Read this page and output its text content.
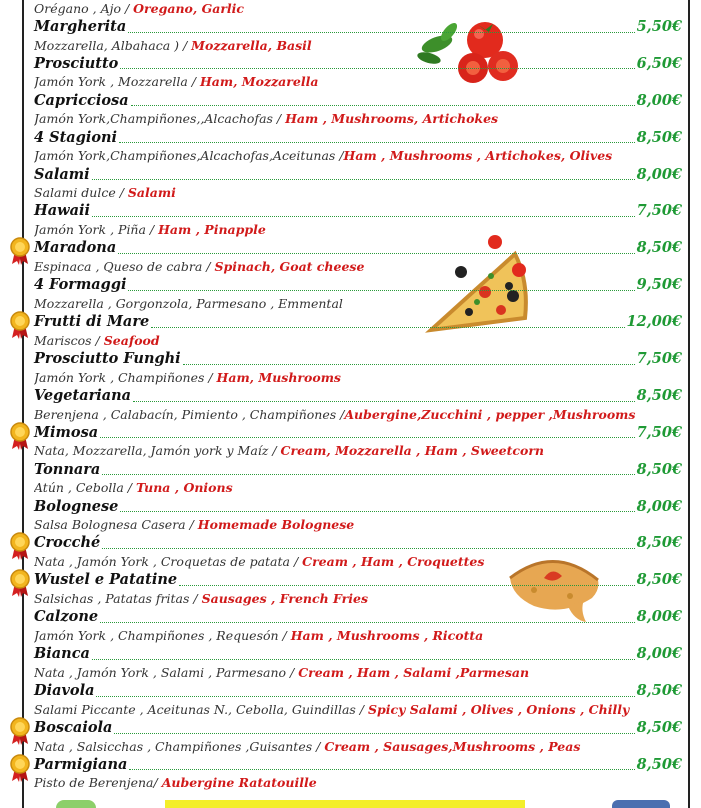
Orégano , Ajo / Oregano, Garlic
Margherita	5,50€
Mozzarella, Albahaca ) / Mozzarella, Basil
Prosciutto	6,50€
Jamón York , Mozzarella / Ham, Mozzarella
Capricciosa	8,00€
Jamón York,Champiñones,,Alcachofas / Ham , Mushrooms, Artichokes
4 Stagioni	8,50€
Jamón York,Champiñones,Alcachofas,Aceitunas /Ham , Mushrooms , Artichokes, Olives
Salami	8,00€
Salami dulce / Salami
Hawaii	7,50€
Jamón York , Piña / Ham , Pinapple
Maradona	8,50€
Espinaca , Queso de cabra / Spinach, Goat cheese
4 Formaggi	9,50€
Mozzarella , Gorgonzola, Parmesano , Emmental
Frutti di Mare	12,00€
Mariscos / Seafood
Prosciutto Funghi	7,50€
Jamón York , Champiñones / Ham, Mushrooms
Vegetariana	8,50€
Berenjena , Calabacín, Pimiento , Champiñones /Aubergine,Zucchini , pepper ,Mushrooms
Mimosa	7,50€
Nata, Mozzarella, Jamón york y Maíz / Cream, Mozzarella , Ham , Sweetcorn
Tonnara	8,50€
Atún , Cebolla / Tuna , Onions
Bolognese	8,00€
Salsa Bolognesa Casera / Homemade Bolognese
Crocché	8,50€
Nata , Jamón York , Croquetas de patata / Cream , Ham , Croquettes
Wustel e Patatine	8,50€
Salsichas , Patatas fritas / Sausages , French Fries
Calzone	8,00€
Jamón York , Champiñones , Requesón / Ham , Mushrooms , Ricotta
Bianca	8,00€
Nata , Jamón York , Salami , Parmesano / Cream , Ham , Salami ,Parmesan
Diavola	8,50€
Salami Piccante , Aceitunas N., Cebolla, Guindillas / Spicy Salami , Olives , Onions , Chilly
Boscaiola	8,50€
Nata , Salsicchas , Champiñones ,Guisantes / Cream , Sausages,Mushrooms , Peas
Parmigiana	8,50€
Pisto de Berenjena/ Aubergine Ratatouille
